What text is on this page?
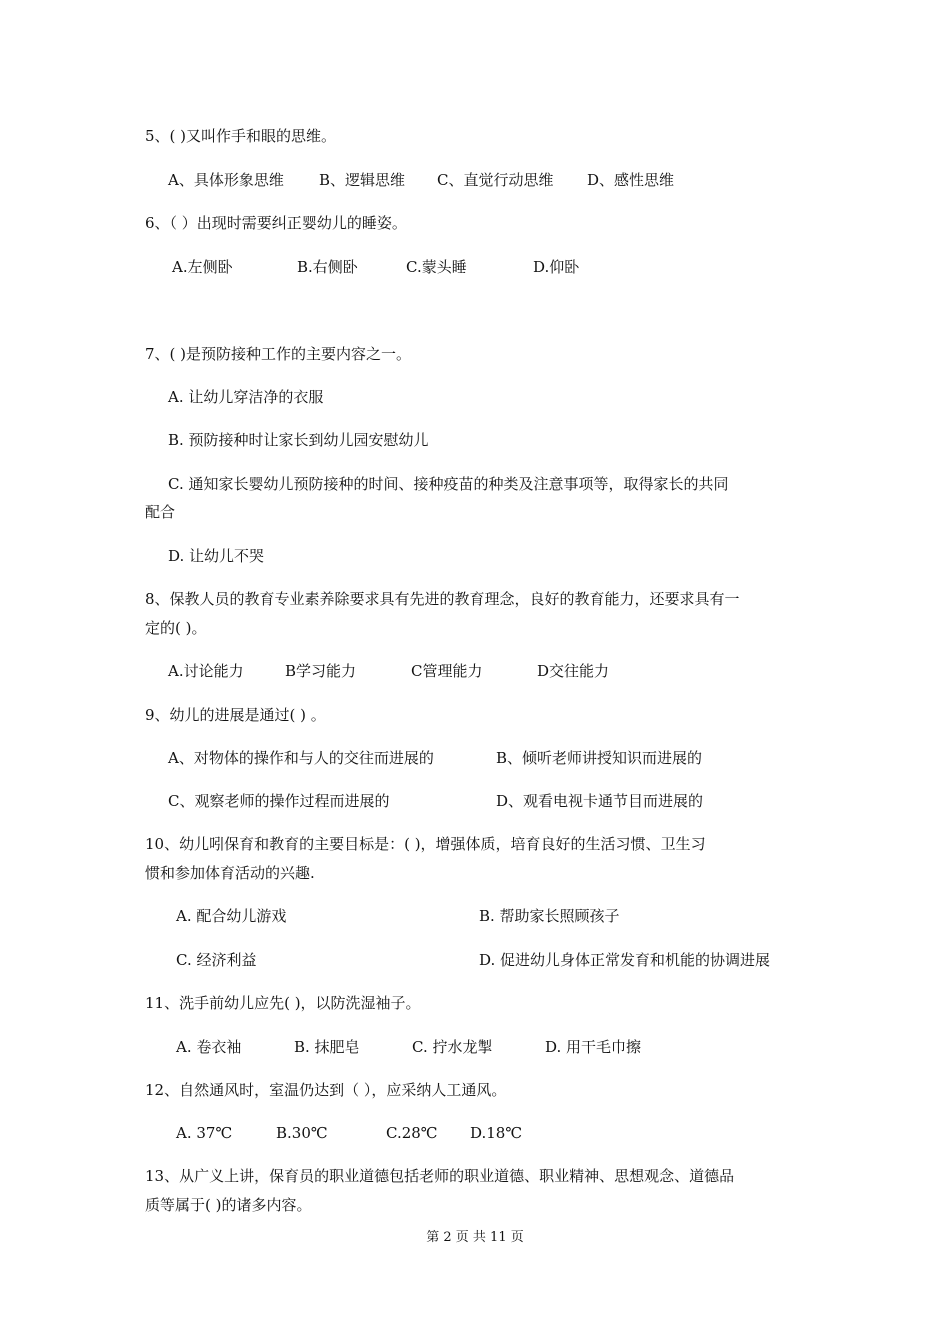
5、( )又叫作手和眼的思维。
A、具体形象思维 B、逻辑思维 C、直觉行动思维 D、感性思维
6、（ ）出现时需要纠正婴幼儿的睡姿。
A.左侧卧	B.右侧卧	C.蒙头睡	D.仰卧
7、( )是预防接种工作的主要内容之一。
A. 让幼儿穿洁净的衣服
B. 预防接种时让家长到幼儿园安慰幼儿
C. 通知家长婴幼儿预防接种的时间、接种疫苗的种类及注意事项等，取得家长的共同
配合
D. 让幼儿不哭
8、保教人员的教育专业素养除要求具有先进的教育理念，良好的教育能力，还要求具有一
定的( )。
A.讨论能力	B学习能力	C管理能力	D交往能力
9、幼儿的进展是通过( ) 。
A、对物体的操作和与人的交往而进展的	B、倾听老师讲授知识而进展的
C、观察老师的操作过程而进展的	D、观看电视卡通节目而进展的
10、幼儿吲保育和教育的主要目标是：( )，增强体质，培育良好的生活习惯、卫生习
惯和参加体育活动的兴趣.
A. 配合幼儿游戏	B. 帮助家长照顾孩子
C. 经济利益	D. 促进幼儿身体正常发育和机能的协调进展
11、洗手前幼儿应先( )，以防洗湿袖子。
A. 卷衣袖	B. 抹肥皂	C. 拧水龙掣	D. 用干毛巾擦
12、自然通风时，室温仍达到（ ），应采纳人工通风。
A. 37℃	B.30℃	C.28℃ D.18℃
13、从广义上讲，保育员的职业道德包括老师的职业道德、职业精神、思想观念、道德品
质等属于( )的诸多内容。
第 2 页 共 11 页
